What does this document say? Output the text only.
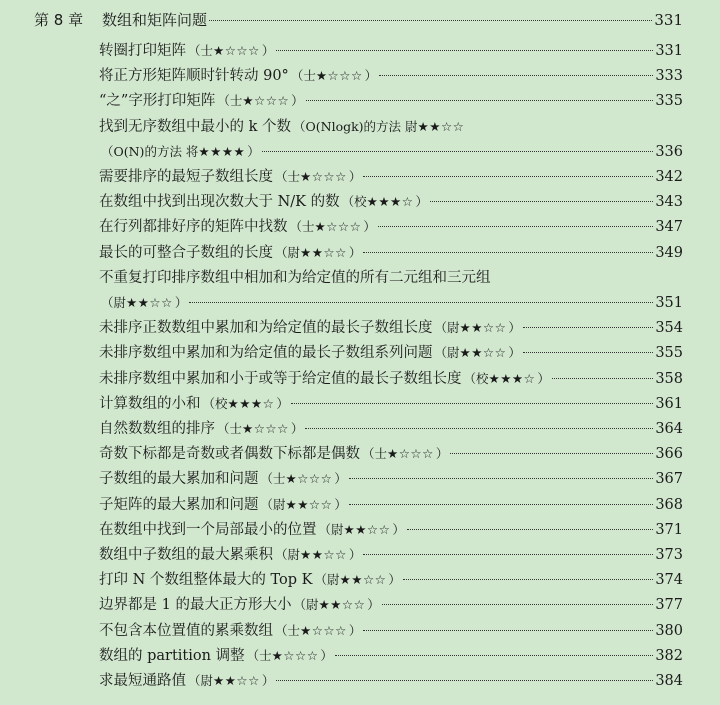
第 8 章	数组和矩阵问题	331
转圈打印矩阵 （士 ★☆☆☆ ）	331
将正方形矩阵顺时针转动 90° （士 ★☆☆☆ ）	333
“之”字形打印矩阵 （士 ★☆☆☆ ）	335
找到无序数组中最小的 k 个数 （O(Nlogk)的方法 尉 ★★☆☆
（O(N)的方法 将 ★★★★ ）	336
需要排序的最短子数组长度 （士 ★☆☆☆ ）	342
在数组中找到出现次数大于 N/K 的数 （校 ★★★☆ ）	343
在行列都排好序的矩阵中找数 （士 ★☆☆☆ ）	347
最长的可整合子数组的长度 （尉 ★★☆☆ ）	349
不重复打印排序数组中相加和为给定值的所有二元组和三元组
（尉 ★★☆☆ ）	351
未排序正数数组中累加和为给定值的最长子数组长度 （尉 ★★☆☆ ）	354
未排序数组中累加和为给定值的最长子数组系列问题 （尉 ★★☆☆ ）	355
未排序数组中累加和小于或等于给定值的最长子数组长度 （校 ★★★☆ ）	358
计算数组的小和 （校 ★★★☆ ）	361
自然数数组的排序 （士 ★☆☆☆ ）	364
奇数下标都是奇数或者偶数下标都是偶数 （士 ★☆☆☆ ）	366
子数组的最大累加和问题 （士 ★☆☆☆ ）	367
子矩阵的最大累加和问题 （尉 ★★☆☆ ）	368
在数组中找到一个局部最小的位置 （尉 ★★☆☆ ）	371
数组中子数组的最大累乘积 （尉 ★★☆☆ ）	373
打印 N 个数组整体最大的 Top K （尉 ★★☆☆ ）	374
边界都是 1 的最大正方形大小 （尉 ★★☆☆ ）	377
不包含本位置值的累乘数组 （士 ★☆☆☆ ）	380
数组的 partition 调整 （士 ★☆☆☆ ）	382
求最短通路值 （尉 ★★☆☆ ）	384
